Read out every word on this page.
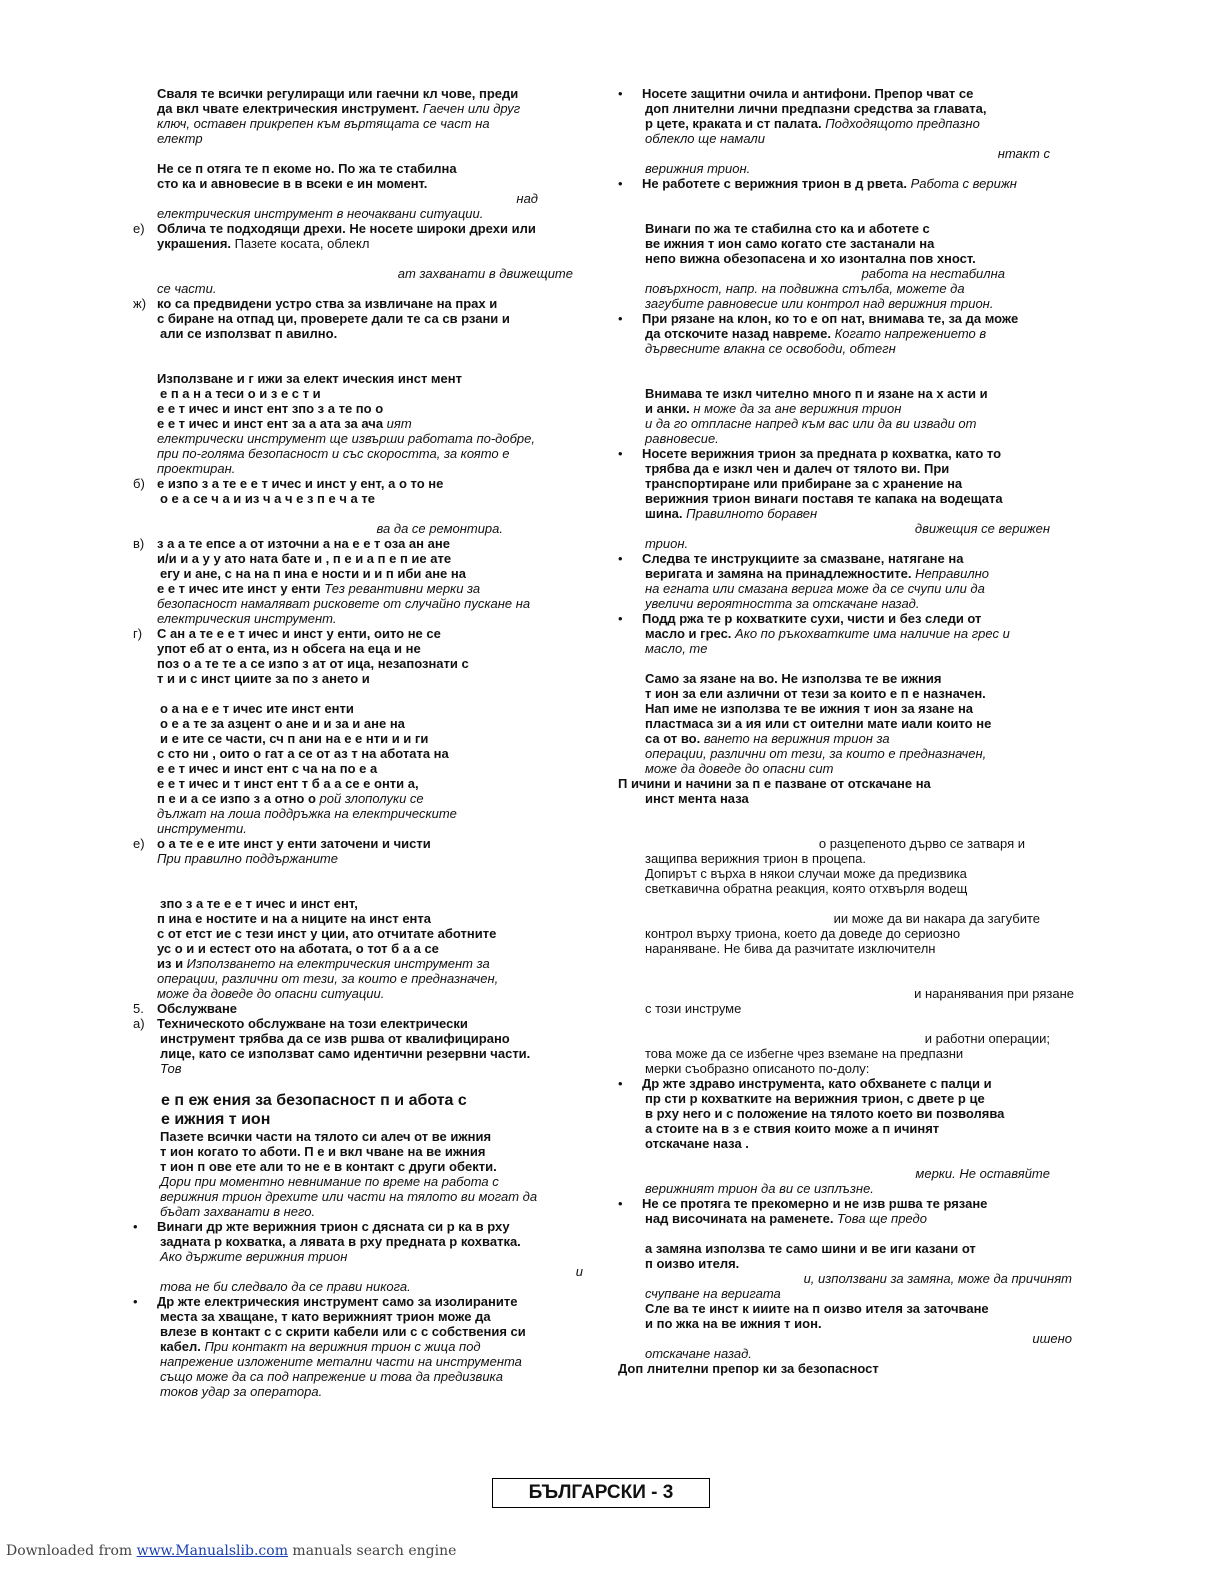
Сваля те всички регулиращи или гаечни кл чове, преди
да вкл чвате електрическия инструмент. Гаечен или друг
ключ, оставен прикрепен към въртящата се част на
електр
Не се п отяга те п екоме но. По жа те стабилна
сто ка и авновесие в в всеки е ин момент.
над
електрическия инструмент в неочаквани ситуации.
е) Облича те подходящи дрехи. Не носете широки дрехи или
украшения. Пазете косата, облекл
ат захванати в движещите
се части.
ж) ко са предвидени устро ства за извличане на прах и
с биране на отпад ци, проверете дали те са св рзани и
али се използват п авилно.
Използване и г ижи за елект ическия инст мент
е п а н а теси о и з е с т и
е е т ичес и инст ент зпо з а те по о
е е т ичес и инст ент за а ата за ача ият
електрически инструмент ще извърши работата по-добре,
при по-голяма безопасност и със скоростта, за която е
проектиран.
б) е изпо з а те е е т ичес и инст у ент, а о то не
о е а се ч а и из ч а ч е з п е ч а те
ва да се ремонтира.
в) з а а те епсе а от източни а на е е т оза ан ане
и/и и а у у ато ната бате и , п е и а п е п ие ате
егу и ане, с на на п ина е ности и и п иби ане на
е е т ичес ите инст у енти Тез ревантивни мерки за
безопасност намаляват рисковете от случайно пускане на
електрическия инструмент.
г) С ан а те е е т ичес и инст у енти, оито не се
упот еб ат о ента, из н обсега на еца и не
поз о а те те а се изпо з ат от ица, незапознати с
т и и с инст циите за по з ането и
о а на е е т ичес ите инст енти
о е а те за азцент о ане и и за и ане на
и е ите се части, сч п ани на е е нти и и ги
с сто ни , оито о гат а се от аз т на аботата на
е е т ичес и инст ент с ча на по е а
е е т ичес и т инст ент т б а а се е онти а,
п е и а се изпо з а отно о рой злополуки се
дължат на лоша поддръжка на електрическите
инструменти.
е) о а те е е ите инст у енти заточени и чисти
При правилно поддържаните
зпо з а те е е т ичес и инст ент,
п ина е ностите и на а ниците на инст ента
с от етст ие с тези инст у ции, ато отчитате аботните
ус о и и естест ото на аботата, о тот б а а се
из и Използването на електрическия инструмент за
операции, различни от тези, за които е предназначен,
може да доведе до опасни ситуации.
5. Обслужване
а) Техническото обслужване на този електрически
инструмент трябва да се изв ршва от квалифицирано
лице, като се използват само идентични резервни части.
Тов
е п еж ения за безопасност п и абота с
е ижния т ион
Пазете всички части на тялото си алеч от ве ижния
т ион когато то аботи. П е и вкл чване на ве ижния
т ион п ове ете али то не е в контакт с други обекти.
Дори при моментно невнимание по време на работа с
верижния трион дрехите или части на тялото ви могат да
бъдат захванати в него.
• Винаги др жте верижния трион с дясната си р ка в рху
задната р кохватка, а лявата в рху предната р кохватка.
Ако държите верижния трион
и
това не би следвало да се прави никога.
• Др жте електрическия инструмент само за изолираните
места за хващане, т като верижният трион може да
влезе в контакт с с скрити кабели или с с собствения си
кабел. При контакт на верижния трион с жица под
напрежение изложените метални части на инструмента
също може да са под напрежение и това да предизвика
токов удар за оператора.
• Носете защитни очила и антифони. Препор чват се
доп лнителни лични предпазни средства за главата,
р цете, краката и ст палата. Подходящото предпазно
облекло ще намали
нтакт с
верижния трион.
• Не работете с верижния трион в д рвета. Работа с верижн
Винаги по жа те стабилна сто ка и аботете с
ве ижния т ион само когато сте застанали на
непо вижна обезопасена и хо изонтална пов хност.
работа на нестабилна
повърхност, напр. на подвижна стълба, можете да
загубите равновесие или контрол над верижния трион.
• При рязане на клон, ко то е оп нат, внимава те, за да може
да отскочите назад навреме. Когато напрежението в
дървесните влакна се освободи, обтегн
Внимава те изкл чително много п и язане на х асти и
и анки. н може да за ане верижния трион
и да го отпласне напред към вас или да ви извади от
равновесие.
• Носете верижния трион за предната р кохватка, като то
трябва да е изкл чен и далеч от тялото ви. При
транспортиране или прибиране за с хранение на
верижния трион винаги поставя те капака на водещата
шина. Правилното боравен
движещия се верижен
трион.
• Следва те инструкциите за смазване, натягане на
веригата и замяна на принадлежностите. Неправилно
на егната или смазана верига може да се счупи или да
увеличи вероятността за отскачане назад.
• Подд ржа те р кохватките сухи, чисти и без следи от
масло и грес. Ако по ръкохватките има наличие на грес и
масло, те
Само за язане на во. Не използва те ве ижния
т ион за ели азлични от тези за които е п е назначен.
Нап име не използва те ве ижния т ион за язане на
пластмаса зи а ия или ст оителни мате иали които не
са от во. ването на верижния трион за
операции, различни от тези, за които е предназначен,
може да доведе до опасни сит
П ичини и начини за п е пазване от отскачане на
инст мента наза
о разцепеното дърво се затваря и
защипва верижния трион в процепа.
Допирът с върха в някои случаи може да предизвика
светкавична обратна реакция, която отхвърля водещ
ии може да ви накара да загубите
контрол върху триона, което да доведе до сериозно
нараняване. Не бива да разчитате изключителн
и наранявания при рязане
с този инструме
и работни операции;
това може да се избегне чрез вземане на предпазни
мерки съобразно описаното по-долу:
• Др жте здраво инструмента, като обхванете с палци и
пр сти р кохватките на верижния трион, с двете р це
в рху него и с положение на тялото което ви позволява
а стоите на в з е ствия които може а п ичинят
отскачане наза .
мерки. Не оставяйте
верижният трион да ви се изплъзне.
• Не се протяга те прекомерно и не изв ршва те рязане
над височината на раменете. Това ще предо
а замяна използва те само шини и ве иги казани от
п оизво ителя.
и, използвани за замяна, може да причинят
счупване на веригата
Сле ва те инст к ииите на п оизво ителя за заточване
и по жка на ве ижния т ион.
ишено
отскачане назад.
Доп лнителни препор ки за безопасност
БЪЛГАРСКИ - 3
Downloaded from www.Manualslib.com manuals search engine
